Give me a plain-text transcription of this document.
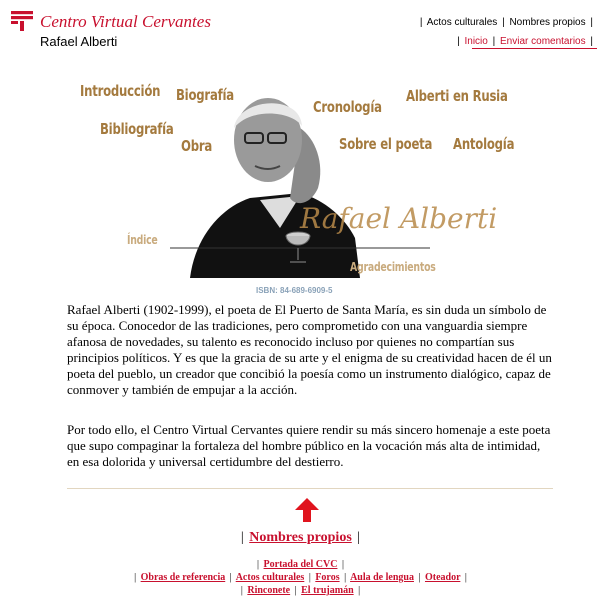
Centro Virtual Cervantes
Rafael Alberti
| Actos culturales | Nombres propios |
| Inicio | Enviar comentarios |
Rafael Alberti
Introducción Biografía
Cronología
Alberti en Rusia
Bibliografía
Obra	Sobre el poeta Antología
Índice
Agradecimientos
ISBN: 84-689-6909-5

Rafael Alberti (1902-1999), el poeta de El Puerto de Santa María, es sin duda un símbolo de su época. Conocedor de las tradiciones, pero comprometido con una vanguardia siempre afanosa de novedades, su talento es reconocido incluso por quienes no compartían sus principios políticos. Y es que la gracia de su arte y el enigma de su creatividad hacen de él un poeta del pueblo, un creador que concibió la poesía como un instrumento dialógico, capaz de conmover y también de empujar a la acción.

Por todo ello, el Centro Virtual Cervantes quiere rendir su más sincero homenaje a este poeta que supo compaginar la fortaleza del hombre público en la vocación más alta de intimidad, en esa dolorida y universal certidumbre del destierro.

| Nombres propios |
| Portada del CVC |
| Obras de referencia | Actos culturales | Foros | Aula de lengua | Oteador |
| Rinconete | El trujamán |
